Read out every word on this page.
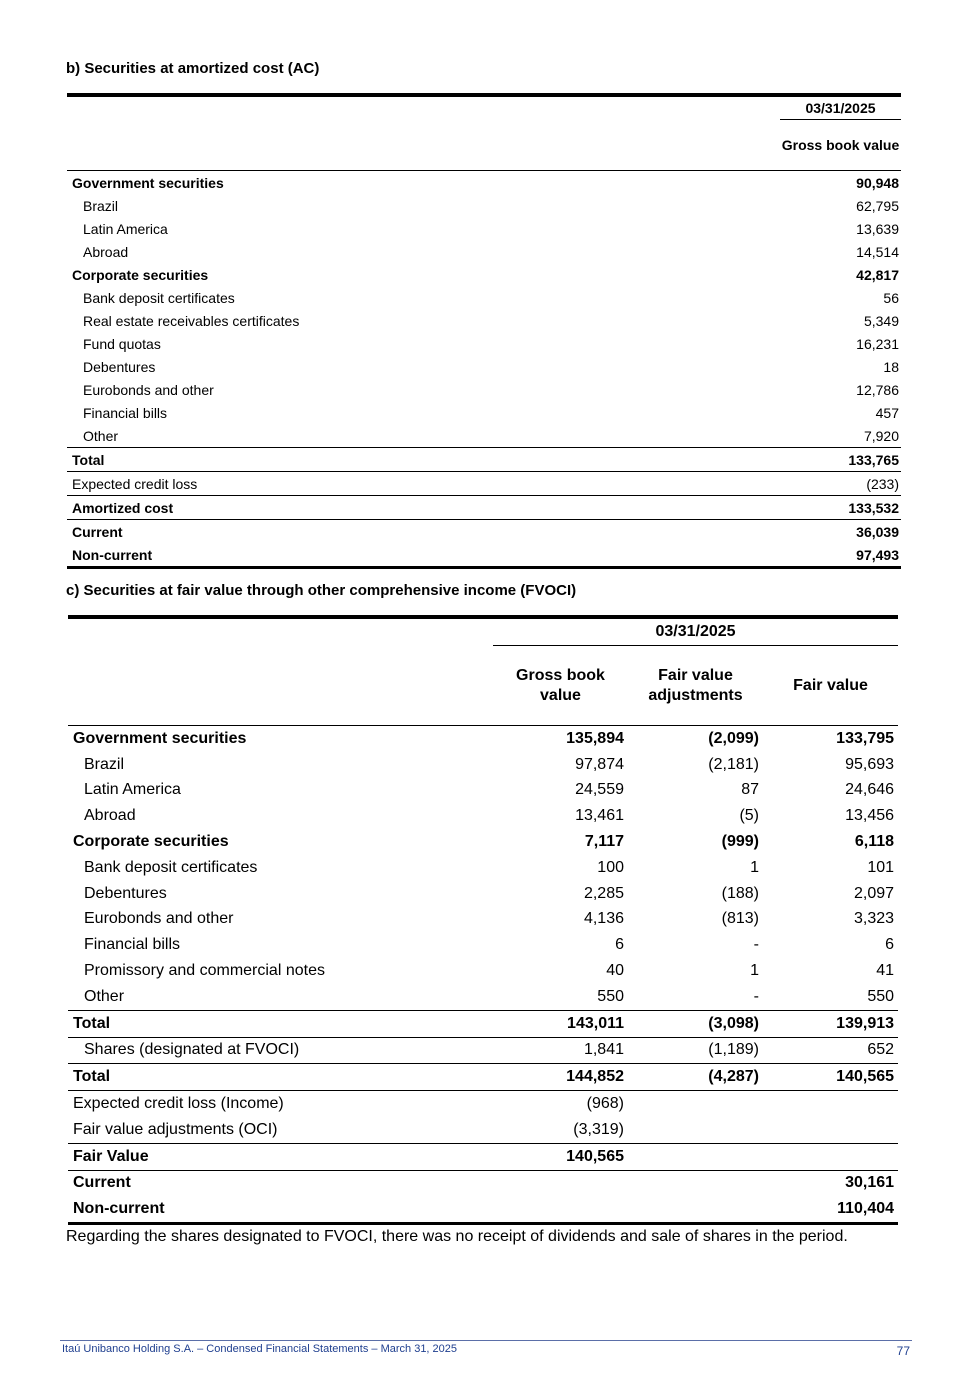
b) Securities at amortized cost (AC)
	03/31/2025
	Gross book value
Government securities	90,948
Brazil	62,795
Latin America	13,639
Abroad	14,514
Corporate securities	42,817
Bank deposit certificates	56
Real estate receivables certificates	5,349
Fund quotas	16,231
Debentures	18
Eurobonds and other	12,786
Financial bills	457
Other	7,920
Total	133,765
Expected credit loss	(233)
Amortized cost	133,532
Current	36,039
Non-current	97,493
c) Securities at fair value through other comprehensive income (FVOCI)
	03/31/2025		
	Gross book value	Fair value adjustments	Fair value
Government securities	135,894	(2,099)	133,795
Brazil	97,874	(2,181)	95,693
Latin America	24,559	87	24,646
Abroad	13,461	(5)	13,456
Corporate securities	7,117	(999)	6,118
Bank deposit certificates	100	1	101
Debentures	2,285	(188)	2,097
Eurobonds and other	4,136	(813)	3,323
Financial bills	6	-	6
Promissory and commercial notes	40	1	41
Other	550	-	550
Total	143,011	(3,098)	139,913
Shares (designated at FVOCI)	1,841	(1,189)	652
Total	144,852	(4,287)	140,565
Expected credit loss (Income)	(968)		
Fair value adjustments (OCI)	(3,319)		
Fair Value	140,565		
Current			30,161
Non-current			110,404
Regarding the shares designated to FVOCI, there was no receipt of dividends and sale of shares in the period.
Itaú Unibanco Holding S.A. – Condensed Financial Statements – March 31, 2025	77
